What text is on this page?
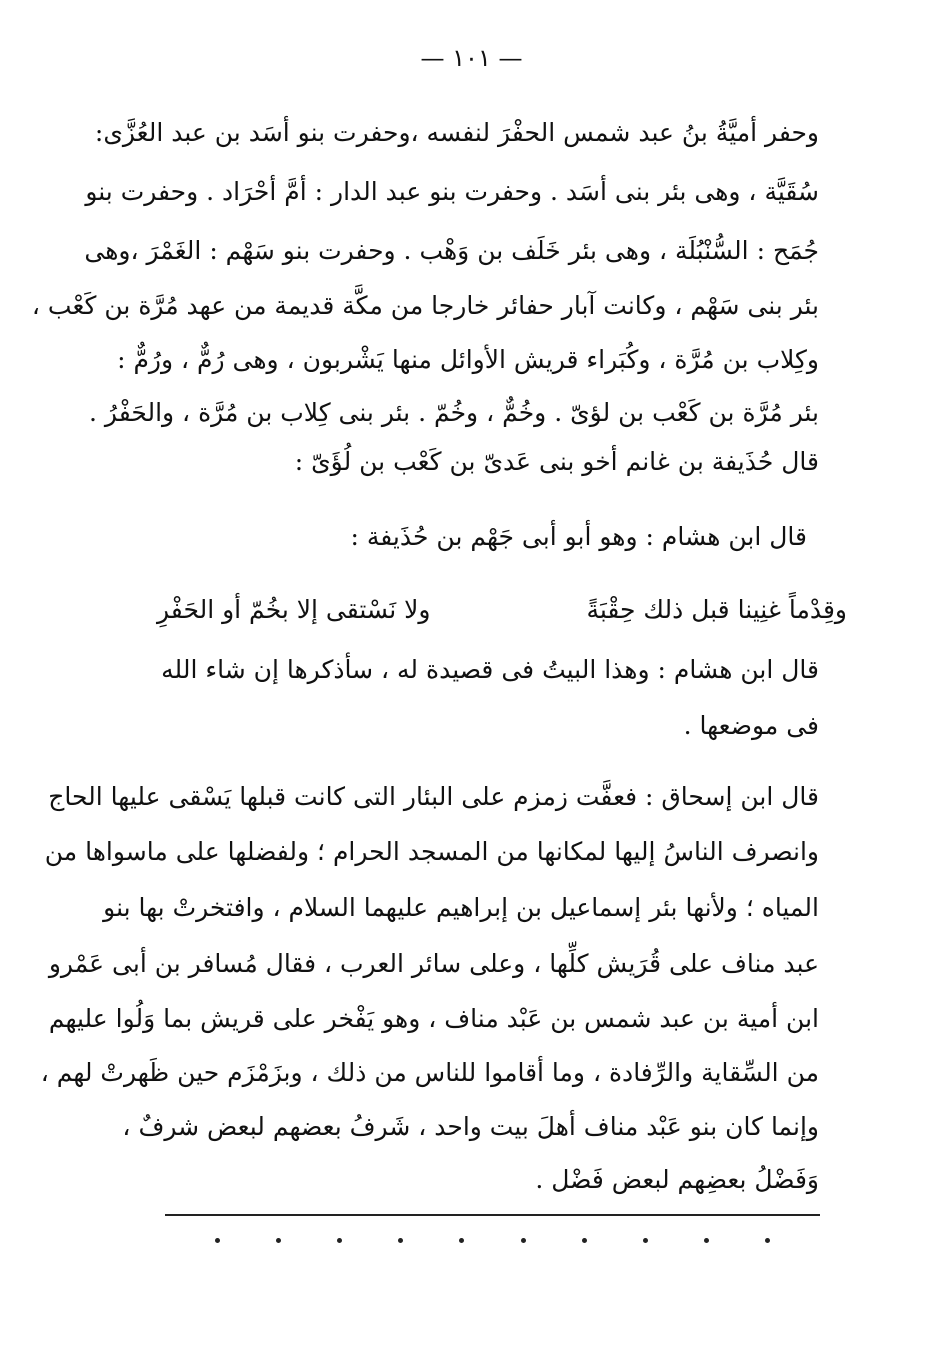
— ١٠١ —
وحفر أميَّةُ بنُ عبد شمس الحفْرَ لنفسه ،وحفرت بنو أسَد بن عبد العُزَّى:
سُقَيَّة ، وهى بئر بنى أسَد . وحفرت بنو عبد الدار : أمَّ أحْرَاد . وحفرت بنو
جُمَح : السُّنْبُلَة ، وهى بئر خَلَف بن وَهْب . وحفرت بنو سَهْم : الغَمْرَ ،وهى
بئر بنى سَهْم ، وكانت آبار حفائر خارجا من مكَّة قديمة من عهد مُرَّة بن كَعْب ،
وكِلاب بن مُرَّة ، وكُبَراء قريش الأوائل منها يَشْربون ، وهى رُمٌّ ، ورُمٌّ :
بئر مُرَّة بن كَعْب بن لؤىّ . وخُمٌّ ، وخُمّ . بئر بنى كِلاب بن مُرَّة ، والحَفْرُ .
قال حُذَيفة بن غانم أخو بنى عَدىّ بن كَعْب بن لُؤَىّ :
قال ابن هشام : وهو أبو أبى جَهْم بن حُذَيفة :
وقِدْماً غنِينا قبل ذلك حِقْبَةً
ولا نَسْتقى إلا بخُمّ أو الحَفْرِ
قال ابن هشام : وهذا البيتُ فى قصيدة له ، سأذكرها إن شاء الله
فى موضعها .
قال ابن إسحاق : فعفَّت زمزم على البئار التى كانت قبلها يَسْقى عليها الحاج
وانصرف الناسُ إليها لمكانها من المسجد الحرام ؛ ولفضلها على ماسواها من
المياه ؛ ولأنها بئر إسماعيل بن إبراهيم عليهما السلام ، وافتخرتْ بها بنو
عبد مناف على قُرَيش كلِّها ، وعلى سائر العرب ، فقال مُسافر بن أبى عَمْرو
ابن أمية بن عبد شمس بن عَبْد مناف ، وهو يَفْخر على قريش بما وَلُوا عليهم
من السِّقاية والرِّفادة ، وما أقاموا للناس من ذلك ، وبزَمْزَم حين ظَهرتْ لهم ،
وإنما كان بنو عَبْد مناف أهلَ بيت واحد ، شَرفُ بعضهم لبعض شرفٌ ،
وَفَضْلُ بعضِهم لبعض فَضْل .
